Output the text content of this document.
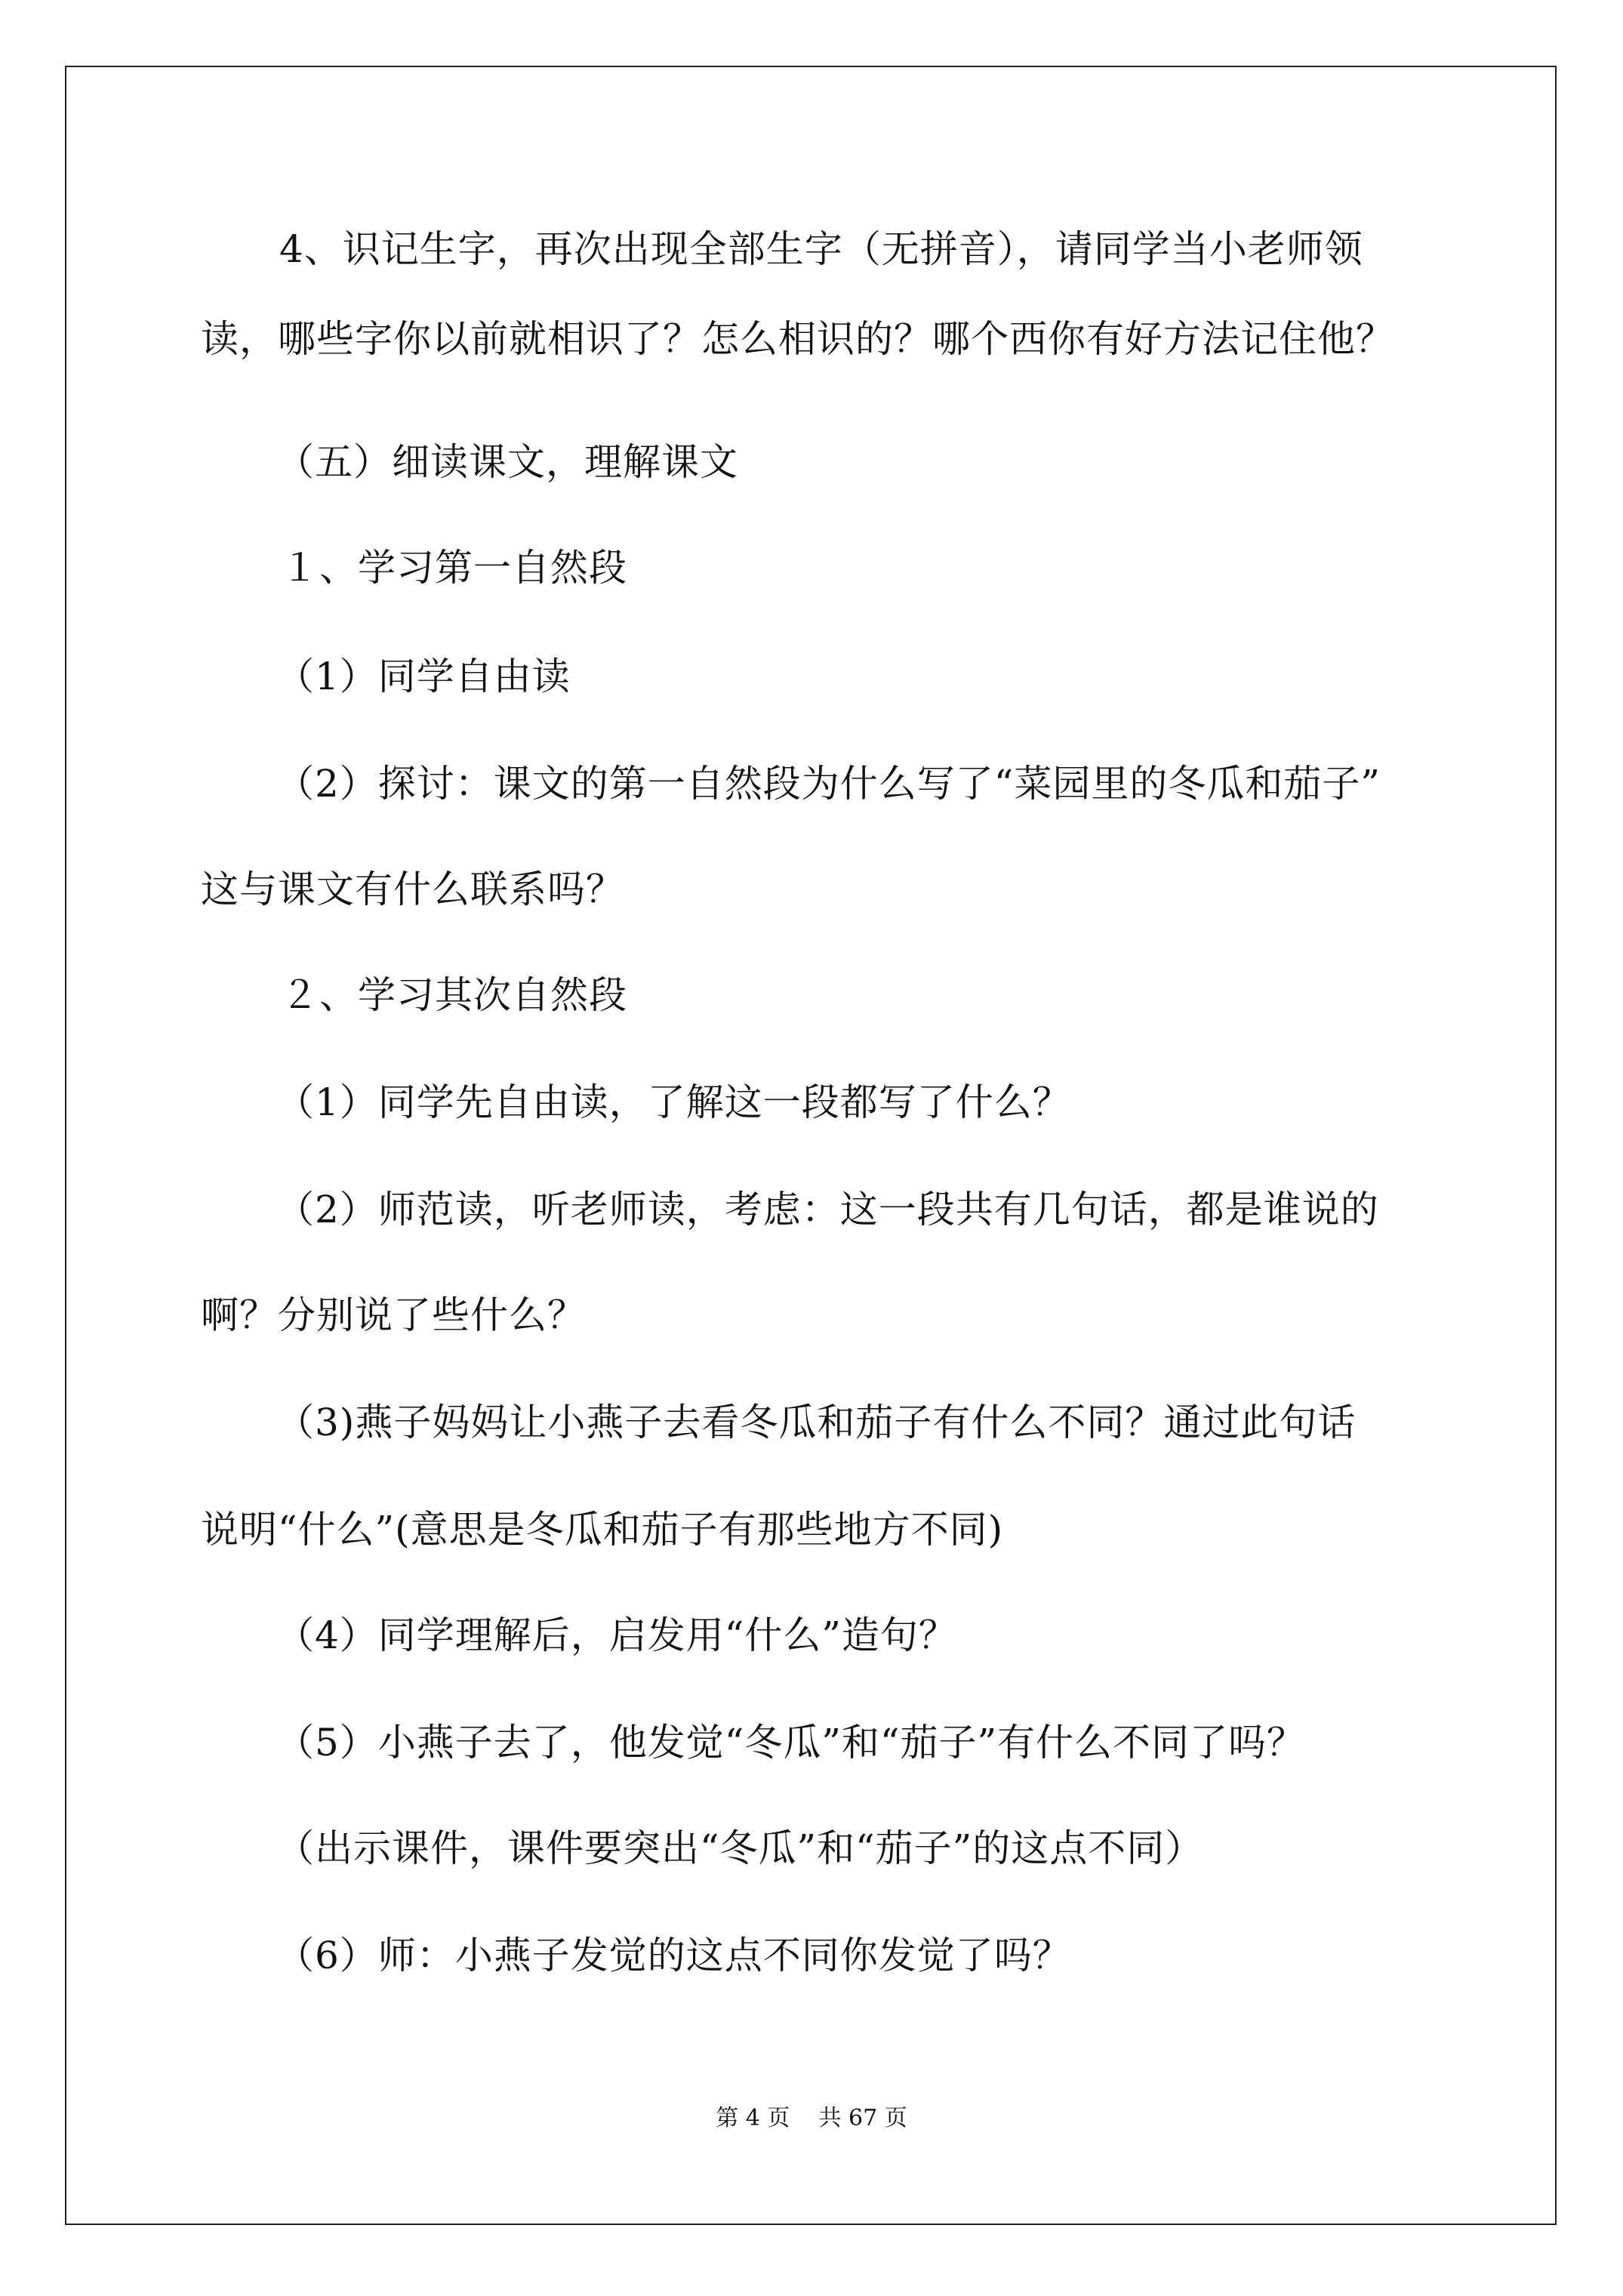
4、识记生字，再次出现全部生字（无拼音），请同学当小老师领

读，哪些字你以前就相识了？怎么相识的？哪个西你有好方法记住他？

（五）细读课文，理解课文

１、学习第一自然段

（1）同学自由读

（2）探讨：课文的第一自然段为什么写了“菜园里的冬瓜和茄子”

这与课文有什么联系吗？

２、学习其次自然段

（1）同学先自由读，了解这一段都写了什么？

（2）师范读，听老师读，考虑：这一段共有几句话，都是谁说的

啊？分别说了些什么？

（3)燕子妈妈让小燕子去看冬瓜和茄子有什么不同？通过此句话

说明“什么”(意思是冬瓜和茄子有那些地方不同)

（4）同学理解后，启发用“什么”造句？

（5）小燕子去了，他发觉“冬瓜”和“茄子”有什么不同了吗？

（出示课件，课件要突出“冬瓜”和“茄子”的这点不同）

（6）师：小燕子发觉的这点不同你发觉了吗？

第 4 页    共 67 页
